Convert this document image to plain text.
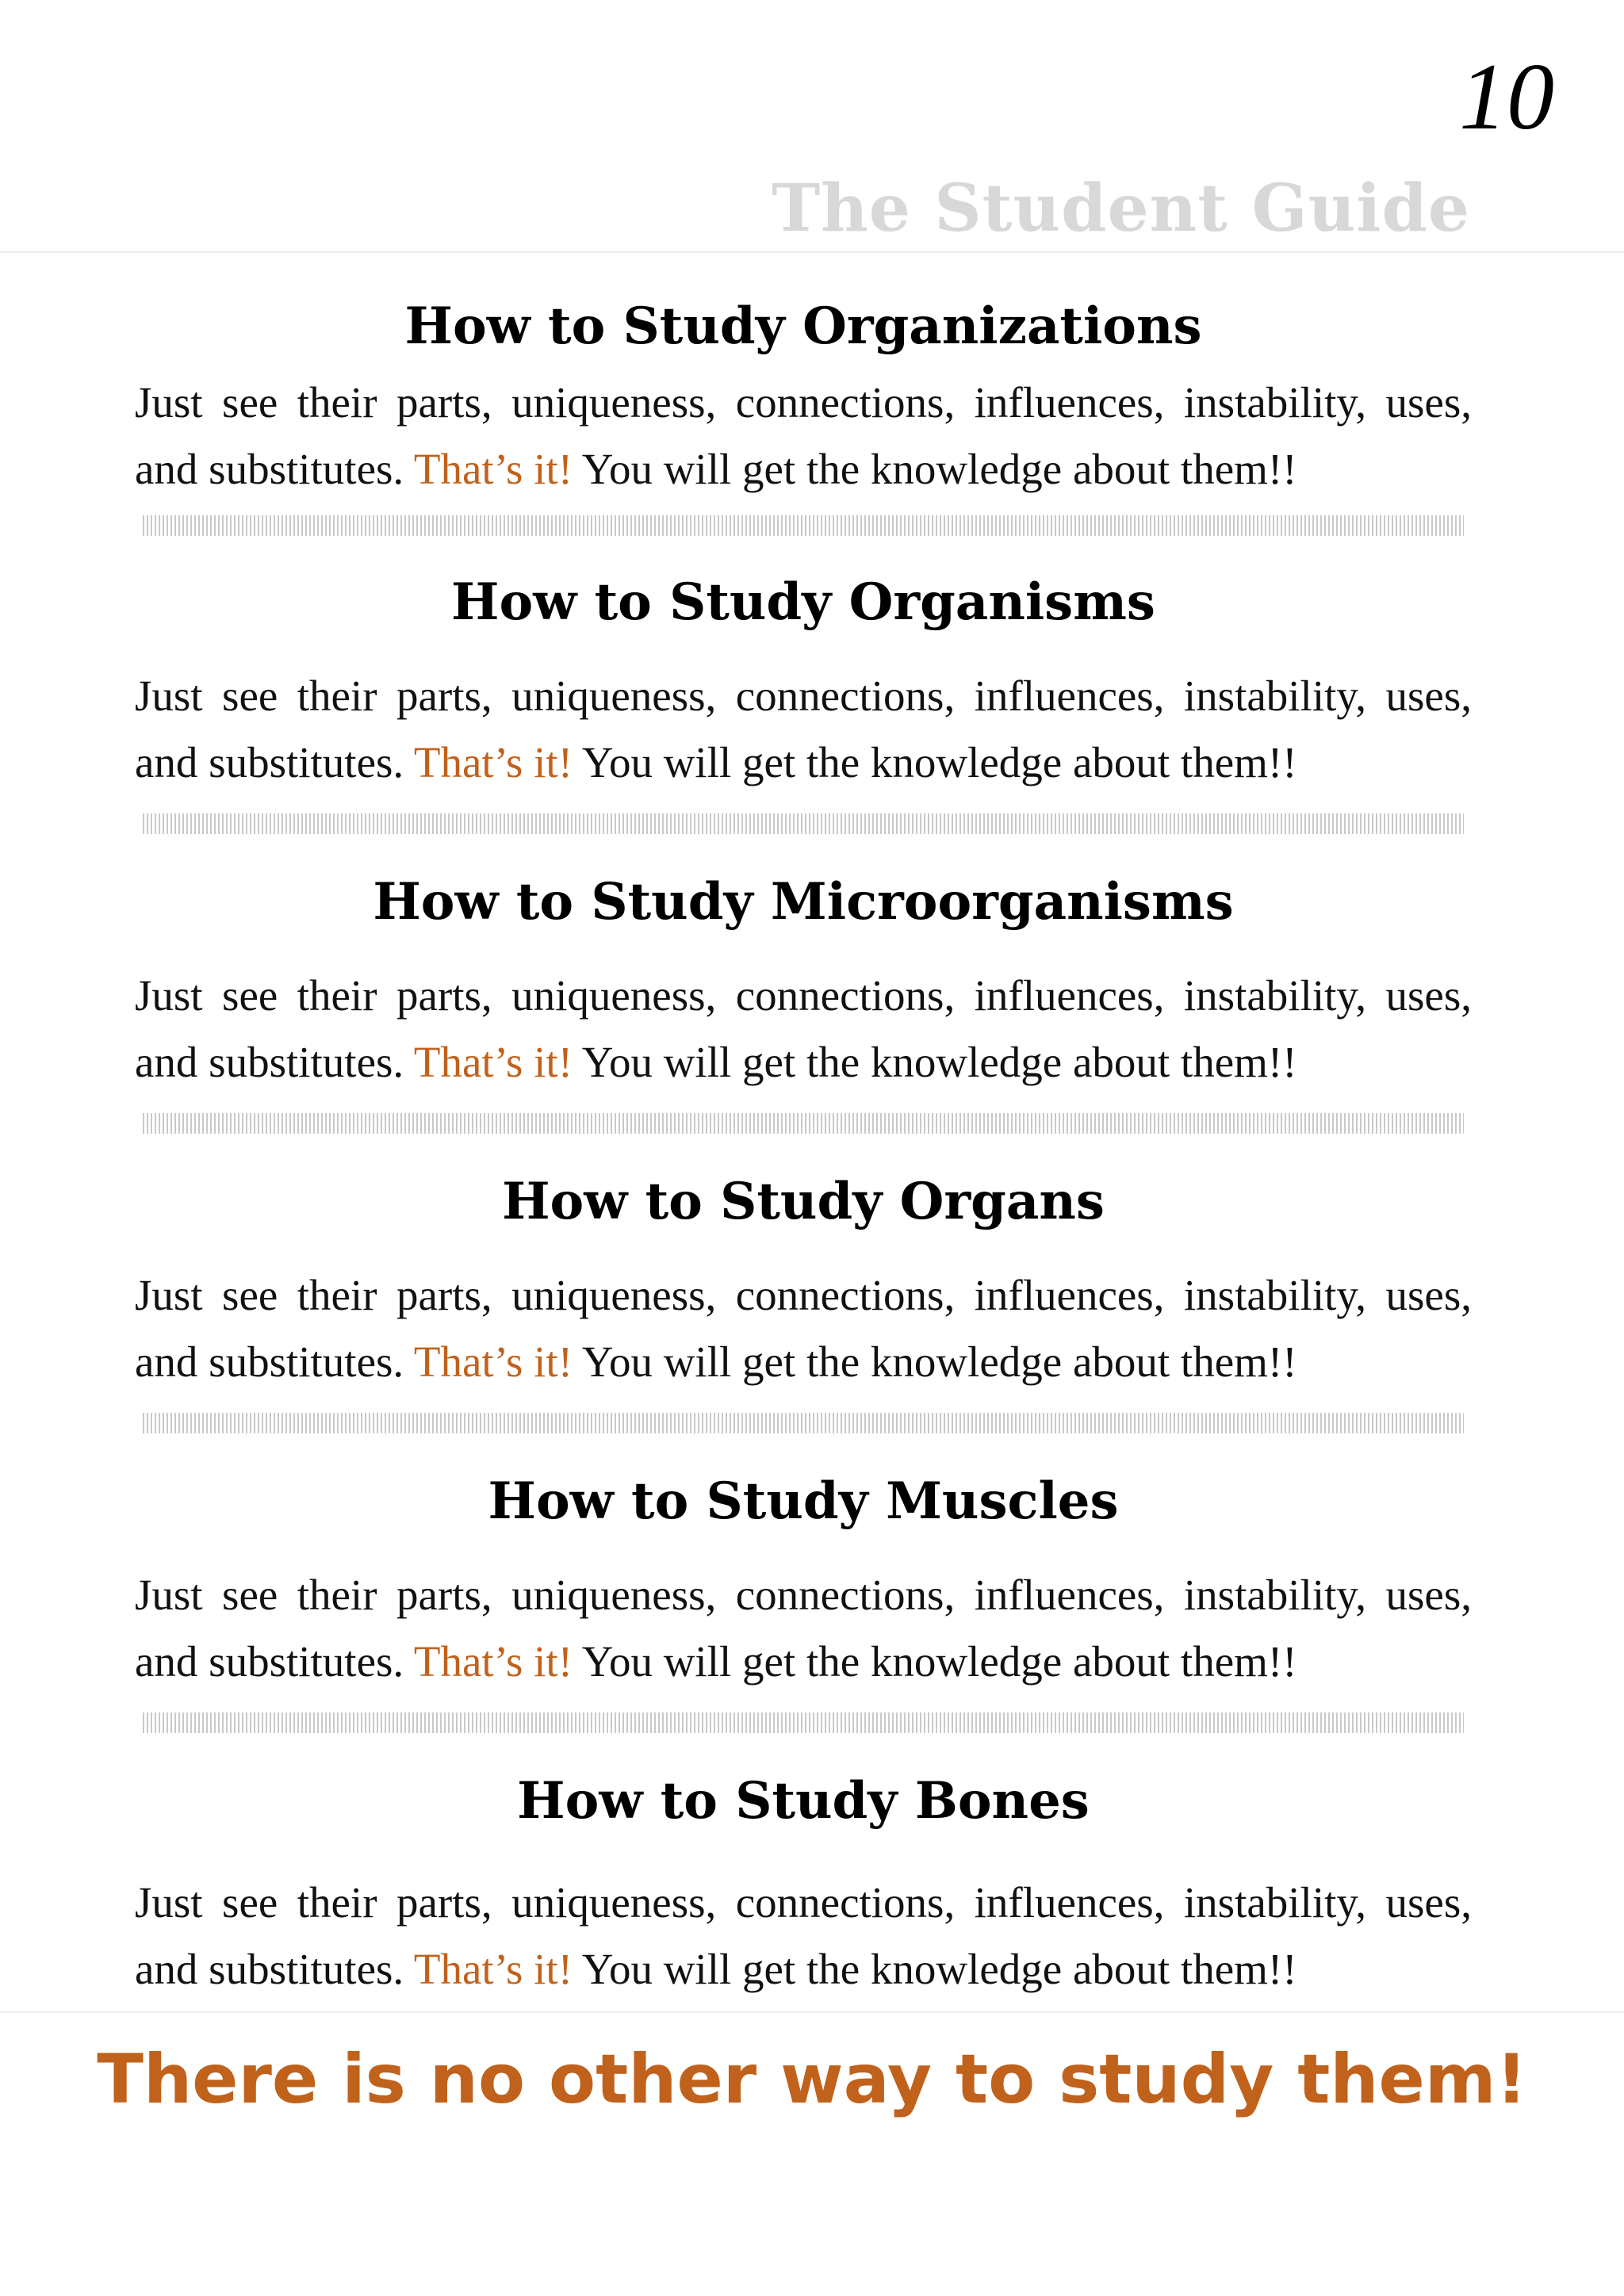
10
The Student Guide
How to Study Organizations
Just see their parts, uniqueness, connections, influences, instability, uses, and substitutes. That’s it! You will get the knowledge about them!!
How to Study Organisms
Just see their parts, uniqueness, connections, influences, instability, uses, and substitutes. That’s it! You will get the knowledge about them!!
How to Study Microorganisms
Just see their parts, uniqueness, connections, influences, instability, uses, and substitutes. That’s it! You will get the knowledge about them!!
How to Study Organs
Just see their parts, uniqueness, connections, influences, instability, uses, and substitutes. That’s it! You will get the knowledge about them!!
How to Study Muscles
Just see their parts, uniqueness, connections, influences, instability, uses, and substitutes. That’s it! You will get the knowledge about them!!
How to Study Bones
Just see their parts, uniqueness, connections, influences, instability, uses, and substitutes. That’s it! You will get the knowledge about them!!
There is no other way to study them!
